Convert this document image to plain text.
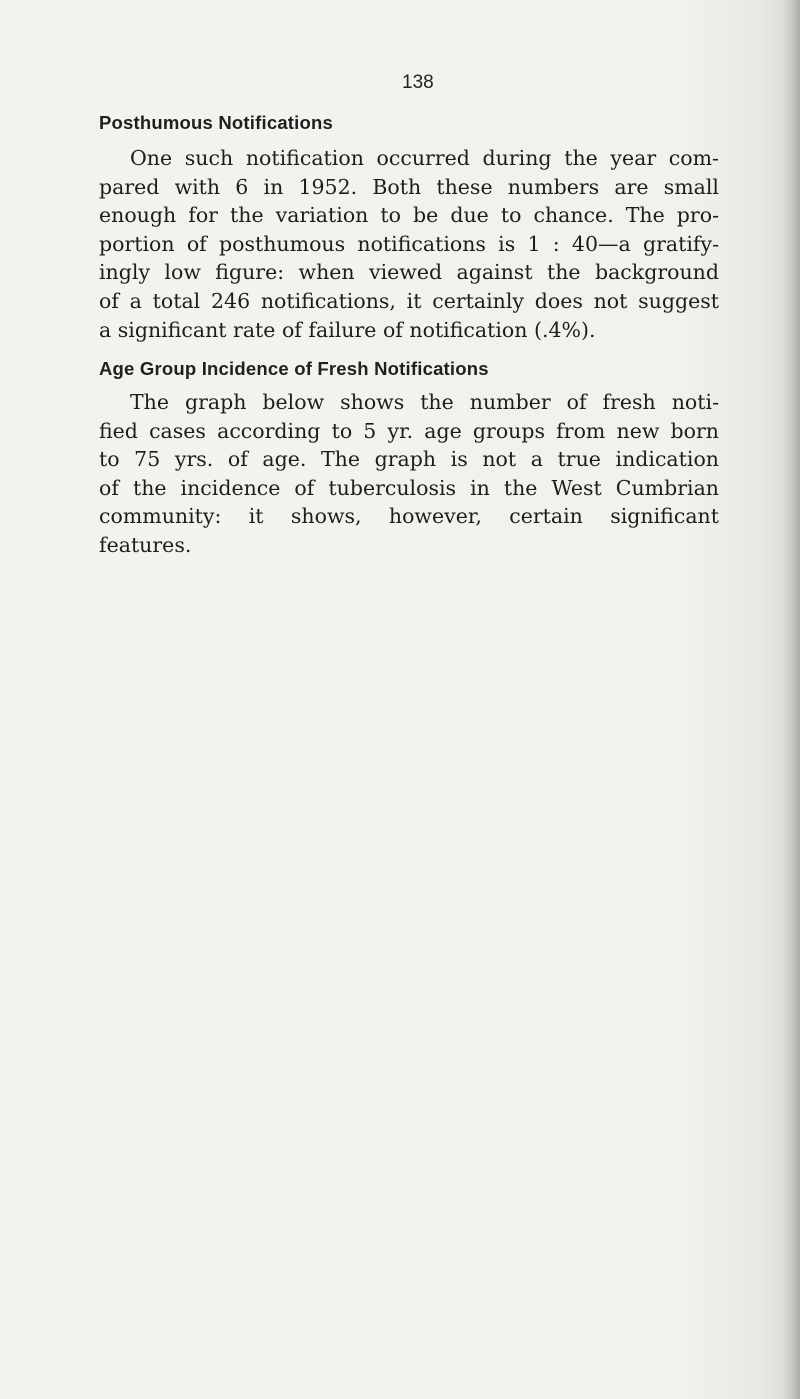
138
Posthumous Notifications

One such notification occurred during the year com-
pared with 6 in 1952. Both these numbers are small
enough for the variation to be due to chance. The pro-
portion of posthumous notifications is 1 : 40—a gratify-
ingly low figure: when viewed against the background
of a total 246 notifications, it certainly does not suggest
a significant rate of failure of notification (.4%).

Age Group Incidence of Fresh Notifications

The graph below shows the number of fresh noti-
fied cases according to 5 yr. age groups from new born
to 75 yrs. of age. The graph is not a true indication
of the incidence of tuberculosis in the West Cumbrian
community: it shows, however, certain significant
features.
